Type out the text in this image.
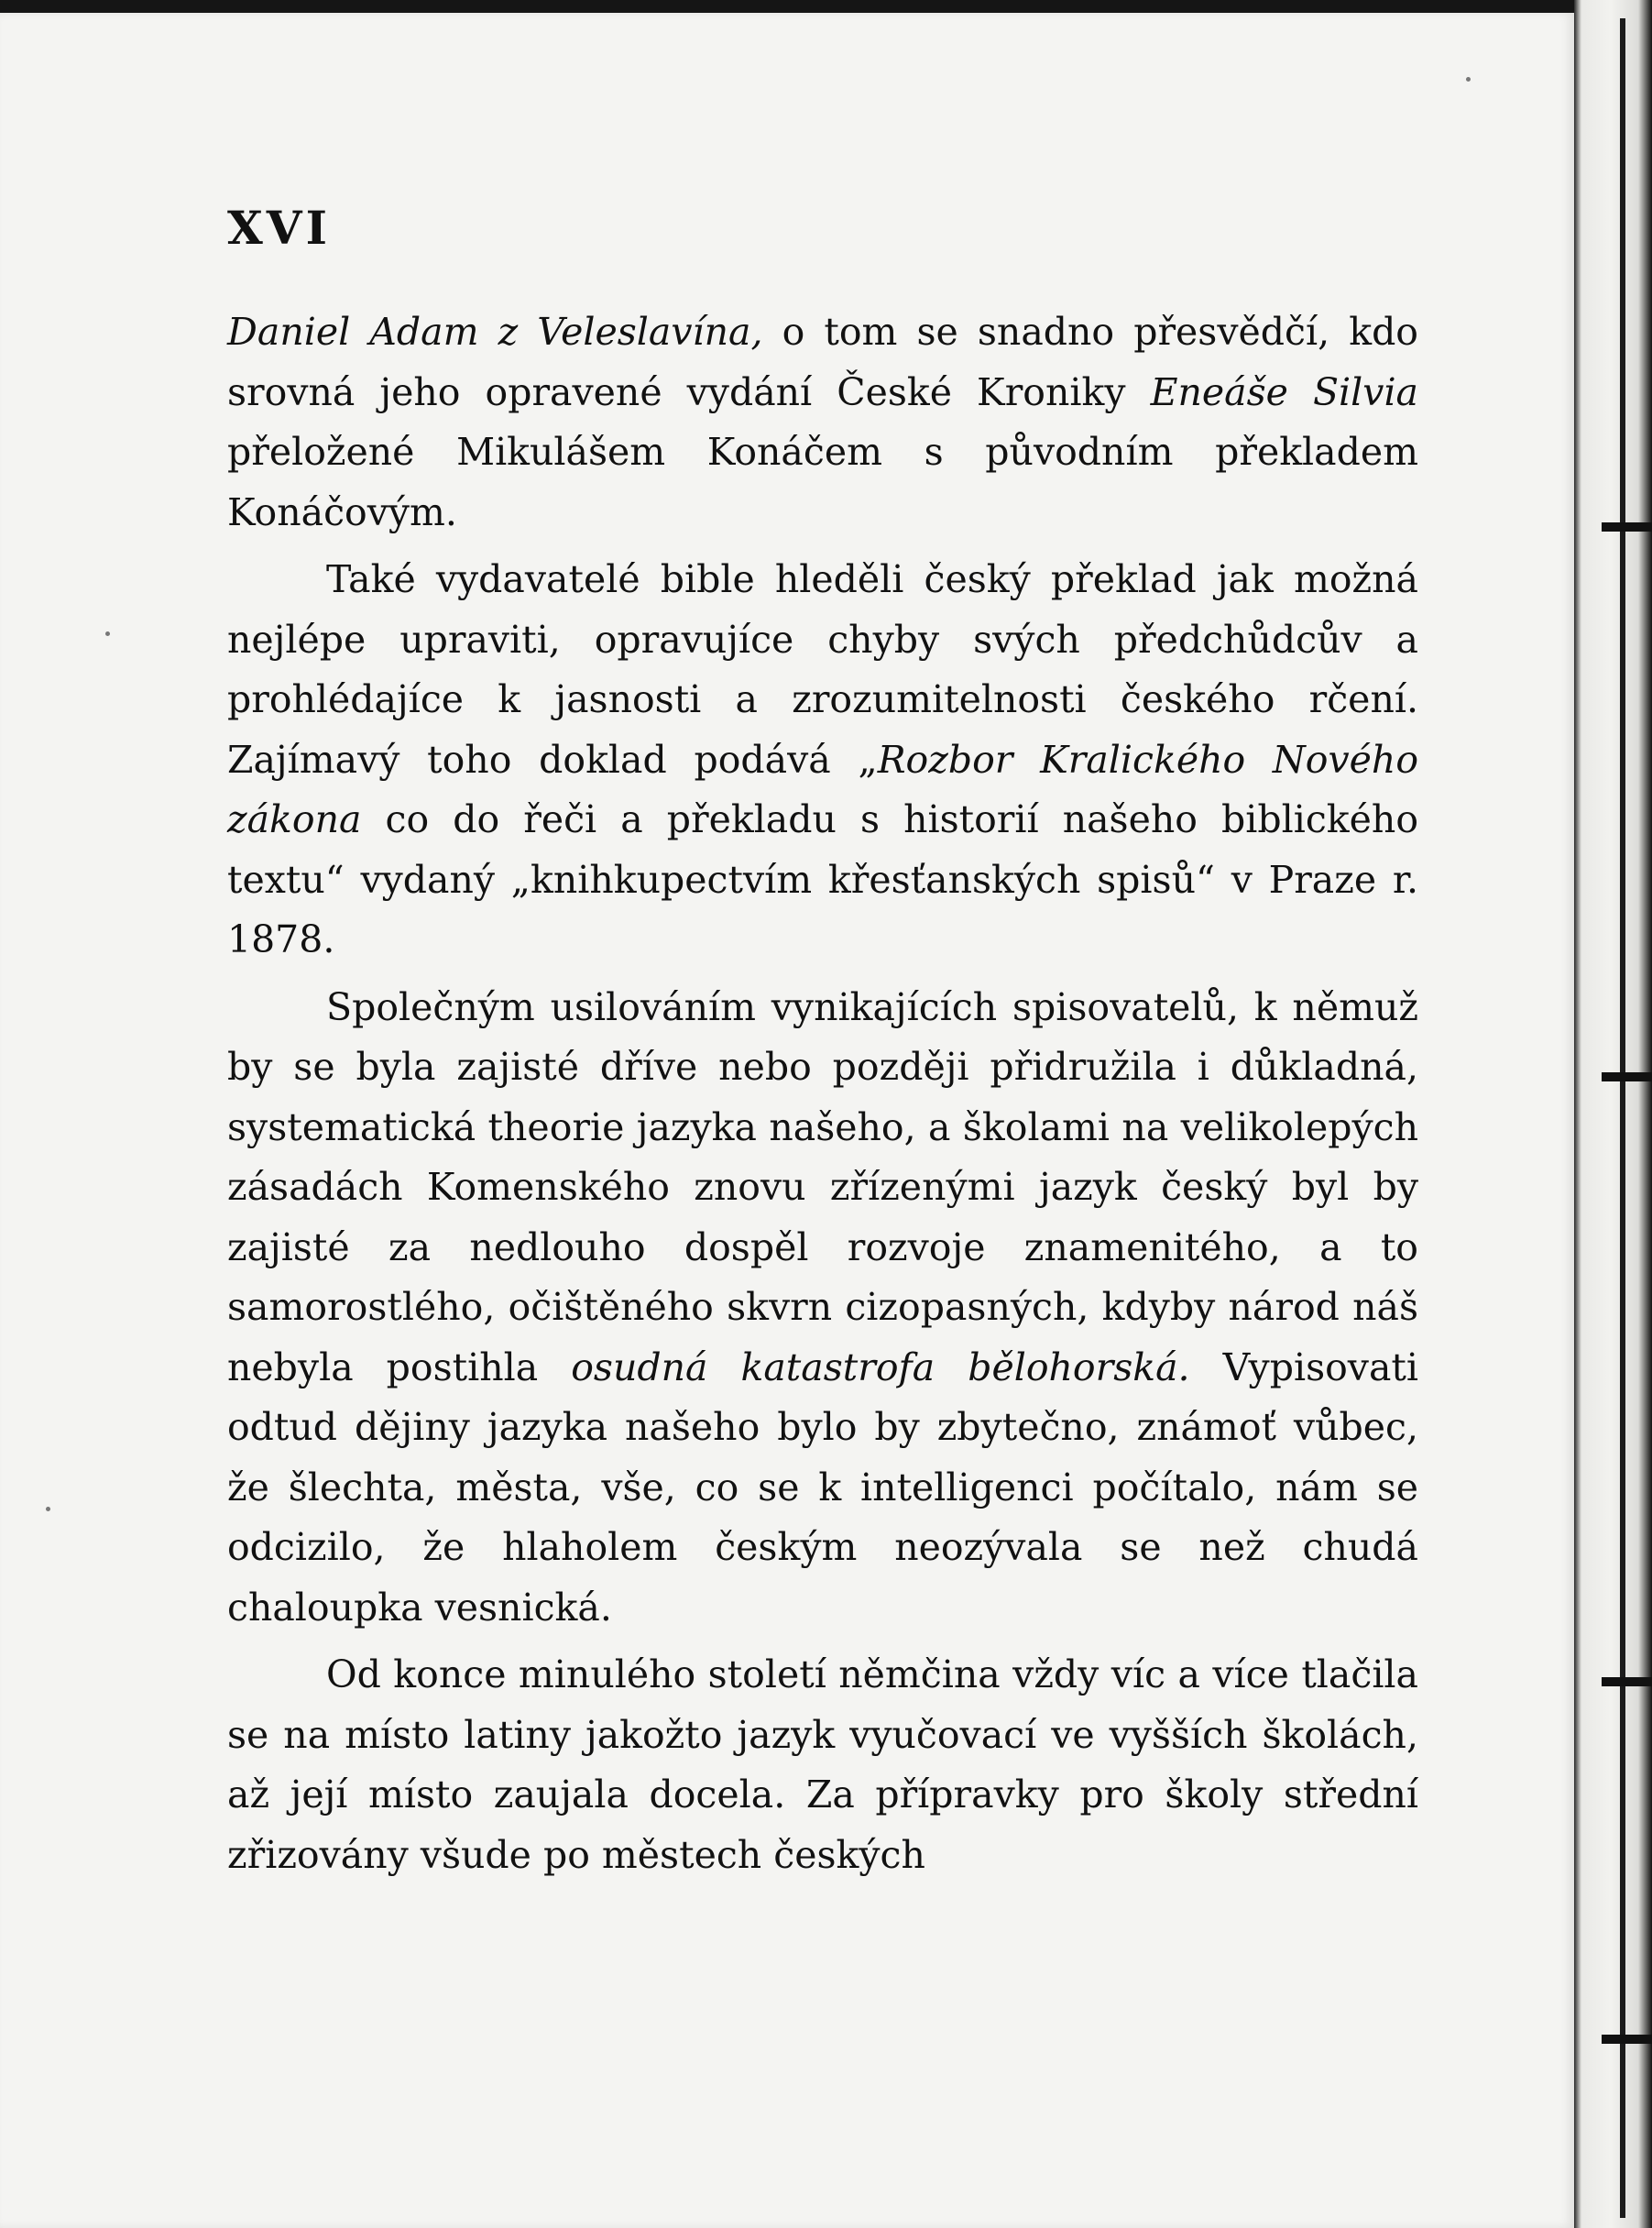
XVI

Daniel Adam z Veleslavína, o tom se snadno přesvědčí, kdo srovná jeho opravené vydání České Kroniky Eneáše Silvia přeložené Mikulášem Konáčem s původním překladem Konáčovým.

Také vydavatelé bible hleděli český překlad jak možná nejlépe upraviti, opravujíce chyby svých předchůdcův a prohlédajíce k jasnosti a zrozumitelnosti českého rčení. Zajímavý toho doklad podává „Rozbor Kralického Nového zákona co do řeči a překladu s historií našeho biblického textu“ vydaný „knihkupectvím křesťanských spisů“ v Praze r. 1878.

Společným usilováním vynikajících spisovatelů, k němuž by se byla zajisté dříve nebo později přidružila i důkladná, systematická theorie jazyka našeho, a školami na velikolepých zásadách Komenského znovu zřízenými jazyk český byl by zajisté za nedlouho dospěl rozvoje znamenitého, a to samorostlého, očištěného skvrn cizopasných, kdyby národ náš nebyla postihla osudná katastrofa bělohorská. Vypisovati odtud dějiny jazyka našeho bylo by zbytečno, známoť vůbec, že šlechta, města, vše, co se k intelligenci počítalo, nám se odcizilo, že hlaholem českým neozývala se než chudá chaloupka vesnická.

Od konce minulého století němčina vždy víc a více tlačila se na místo latiny jakožto jazyk vyučovací ve vyšších školách, až její místo zaujala docela. Za přípravky pro školy střední zřizovány všude po městech českých
